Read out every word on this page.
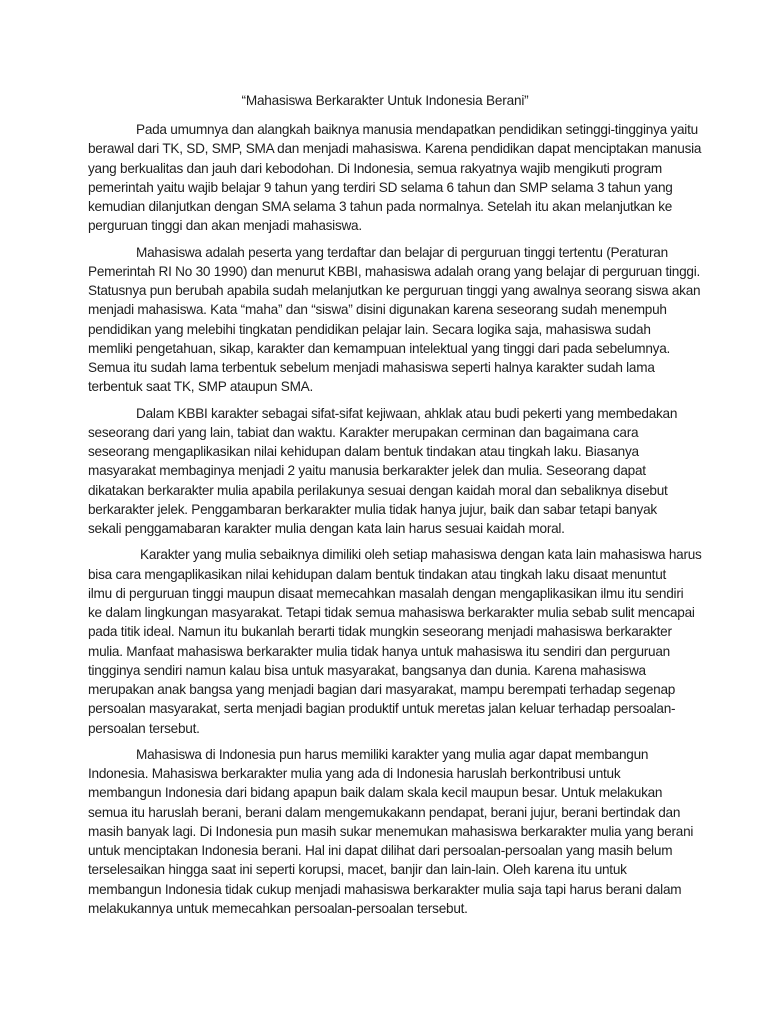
“Mahasiswa Berkarakter Untuk Indonesia Berani”
Pada umumnya dan alangkah baiknya manusia mendapatkan pendidikan setinggi-tingginya yaitu
berawal dari TK, SD, SMP, SMA dan menjadi mahasiswa. Karena pendidikan dapat menciptakan manusia
yang berkualitas dan jauh dari kebodohan. Di Indonesia, semua rakyatnya wajib mengikuti program
pemerintah yaitu wajib belajar 9 tahun yang terdiri SD selama 6 tahun dan SMP selama 3 tahun yang
kemudian dilanjutkan dengan SMA selama 3 tahun pada normalnya. Setelah itu akan melanjutkan ke
perguruan tinggi dan akan menjadi mahasiswa.
Mahasiswa adalah peserta yang terdaftar dan belajar di perguruan tinggi tertentu (Peraturan
Pemerintah RI No 30 1990) dan menurut KBBI, mahasiswa adalah orang yang belajar di perguruan tinggi.
Statusnya pun berubah apabila sudah melanjutkan ke perguruan tinggi yang awalnya seorang siswa akan
menjadi mahasiswa. Kata “maha” dan “siswa” disini digunakan karena seseorang sudah menempuh
pendidikan yang melebihi tingkatan pendidikan pelajar lain. Secara logika saja, mahasiswa sudah
memliki pengetahuan, sikap, karakter dan kemampuan intelektual yang tinggi dari pada sebelumnya.
Semua itu sudah lama terbentuk sebelum menjadi mahasiswa seperti halnya karakter sudah lama
terbentuk saat TK, SMP ataupun SMA.
Dalam KBBI karakter sebagai sifat-sifat kejiwaan, ahklak atau budi pekerti yang membedakan
seseorang dari yang lain, tabiat dan waktu. Karakter merupakan cerminan dan bagaimana cara
seseorang mengaplikasikan nilai kehidupan dalam bentuk tindakan atau tingkah laku. Biasanya
masyarakat membaginya menjadi 2 yaitu manusia berkarakter jelek dan mulia. Seseorang dapat
dikatakan berkarakter mulia apabila perilakunya sesuai dengan kaidah moral dan sebaliknya disebut
berkarakter jelek. Penggambaran berkarakter mulia tidak hanya jujur, baik dan sabar tetapi banyak
sekali penggamabaran karakter mulia dengan kata lain harus sesuai kaidah moral.
Karakter yang mulia sebaiknya dimiliki oleh setiap mahasiswa dengan kata lain mahasiswa harus
bisa cara mengaplikasikan nilai kehidupan dalam bentuk tindakan atau tingkah laku disaat menuntut
ilmu di perguruan tinggi maupun disaat memecahkan masalah dengan mengaplikasikan ilmu itu sendiri
ke dalam lingkungan masyarakat. Tetapi tidak semua mahasiswa berkarakter mulia sebab sulit mencapai
pada titik ideal. Namun itu bukanlah berarti tidak mungkin seseorang menjadi mahasiswa berkarakter
mulia. Manfaat mahasiswa berkarakter mulia tidak hanya untuk mahasiswa itu sendiri dan perguruan
tingginya sendiri namun kalau bisa untuk masyarakat, bangsanya dan dunia. Karena mahasiswa
merupakan anak bangsa yang menjadi bagian dari masyarakat, mampu berempati terhadap segenap
persoalan masyarakat, serta menjadi bagian produktif untuk meretas jalan keluar terhadap persoalan-
persoalan tersebut.
Mahasiswa di Indonesia pun harus memiliki karakter yang mulia agar dapat membangun
Indonesia. Mahasiswa berkarakter mulia yang ada di Indonesia haruslah berkontribusi untuk
membangun Indonesia dari bidang apapun baik dalam skala kecil maupun besar. Untuk melakukan
semua itu haruslah berani, berani dalam mengemukakann pendapat, berani jujur, berani bertindak dan
masih banyak lagi. Di Indonesia pun masih sukar menemukan mahasiswa berkarakter mulia yang berani
untuk menciptakan Indonesia berani. Hal ini dapat dilihat dari persoalan-persoalan yang masih belum
terselesaikan hingga saat ini seperti korupsi, macet, banjir dan lain-lain. Oleh karena itu untuk
membangun Indonesia tidak cukup menjadi mahasiswa berkarakter mulia saja tapi harus berani dalam
melakukannya untuk memecahkan persoalan-persoalan tersebut.
